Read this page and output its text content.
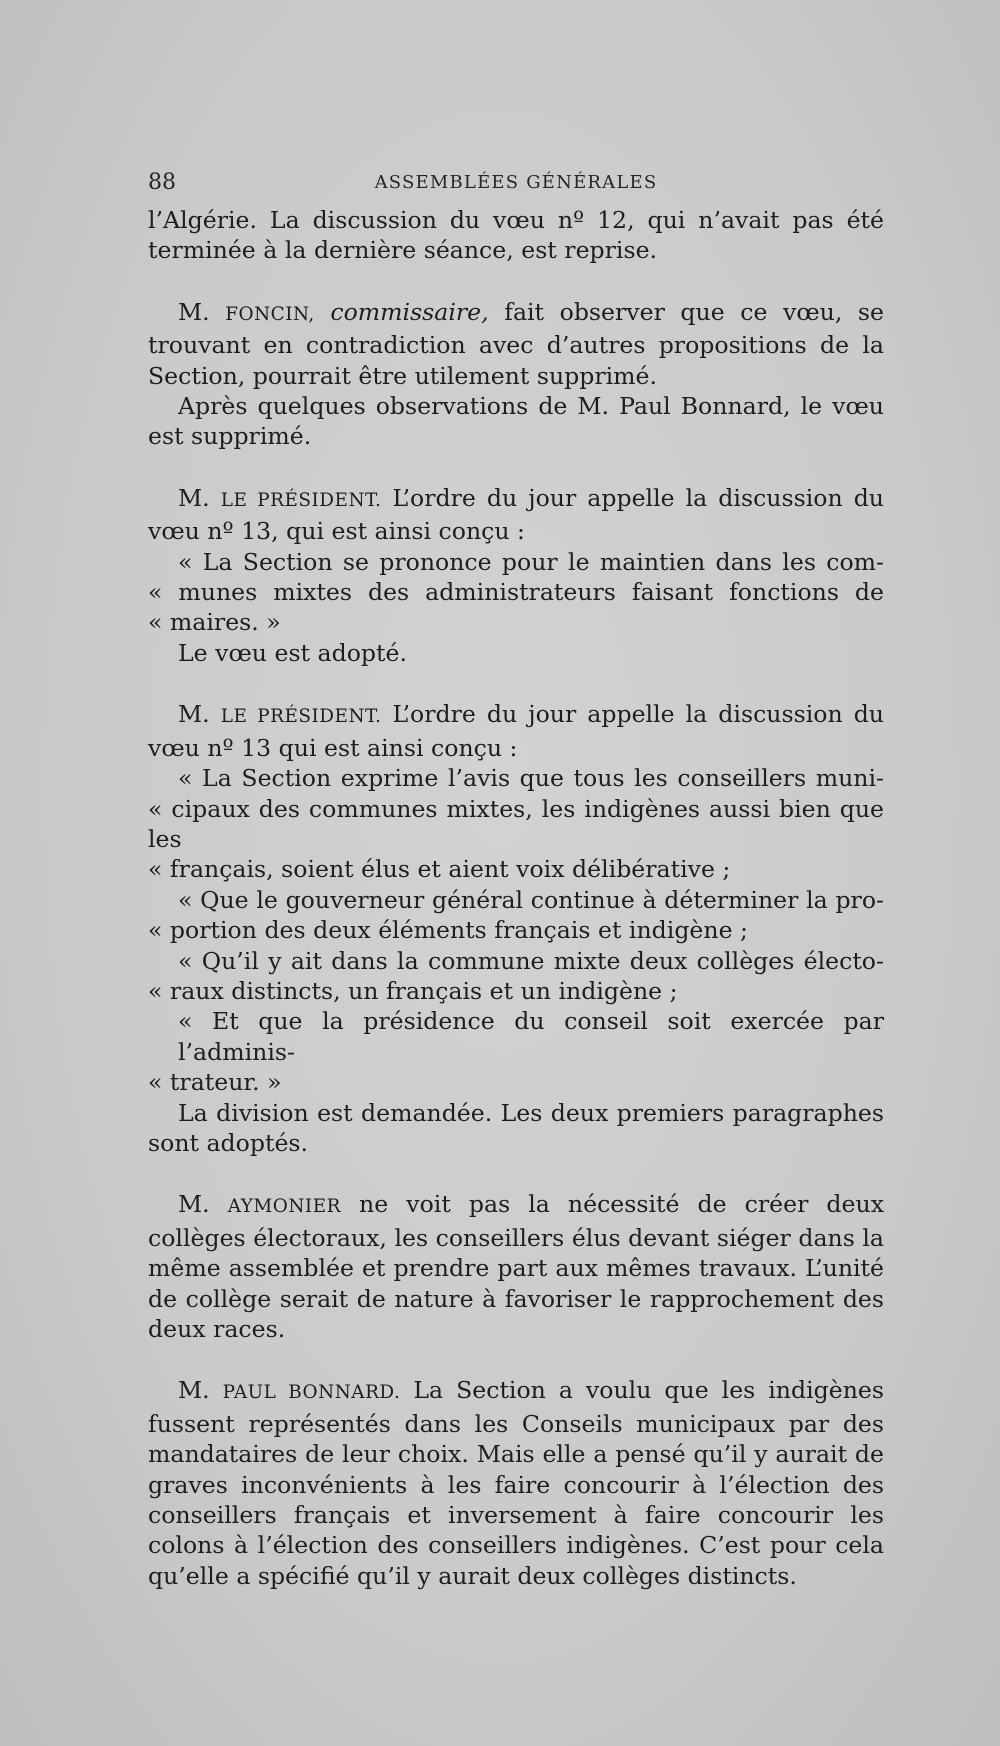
88	ASSEMBLÉES GÉNÉRALES

l’Algérie. La discussion du vœu nº 12, qui n’avait pas été terminée à la dernière séance, est reprise.

M. FONCIN, commissaire, fait observer que ce vœu, se trouvant en contradiction avec d’autres propositions de la Section, pourrait être utilement supprimé.

Après quelques observations de M. Paul Bonnard, le vœu est supprimé.

M. LE PRÉSIDENT. L’ordre du jour appelle la discussion du vœu nº 13, qui est ainsi conçu :

« La Section se prononce pour le maintien dans les com-
« munes mixtes des administrateurs faisant fonctions de
« maires. »

Le vœu est adopté.

M. LE PRÉSIDENT. L’ordre du jour appelle la discussion du vœu nº 13 qui est ainsi conçu :

« La Section exprime l’avis que tous les conseillers muni-
« cipaux des communes mixtes, les indigènes aussi bien que les
« français, soient élus et aient voix délibérative ;
« Que le gouverneur général continue à déterminer la pro-
« portion des deux éléments français et indigène ;
« Qu’il y ait dans la commune mixte deux collèges électo-
« raux distincts, un français et un indigène ;
« Et que la présidence du conseil soit exercée par l’adminis-
« trateur. »

La division est demandée. Les deux premiers paragraphes sont adoptés.

M. AYMONIER ne voit pas la nécessité de créer deux collèges électoraux, les conseillers élus devant siéger dans la même assemblée et prendre part aux mêmes travaux. L’unité de collège serait de nature à favoriser le rapprochement des deux races.

M. PAUL BONNARD. La Section a voulu que les indigènes fussent représentés dans les Conseils municipaux par des mandataires de leur choix. Mais elle a pensé qu’il y aurait de graves inconvénients à les faire concourir à l’élection des conseillers français et inversement à faire concourir les colons à l’élection des conseillers indigènes. C’est pour cela qu’elle a spécifié qu’il y aurait deux collèges distincts.
